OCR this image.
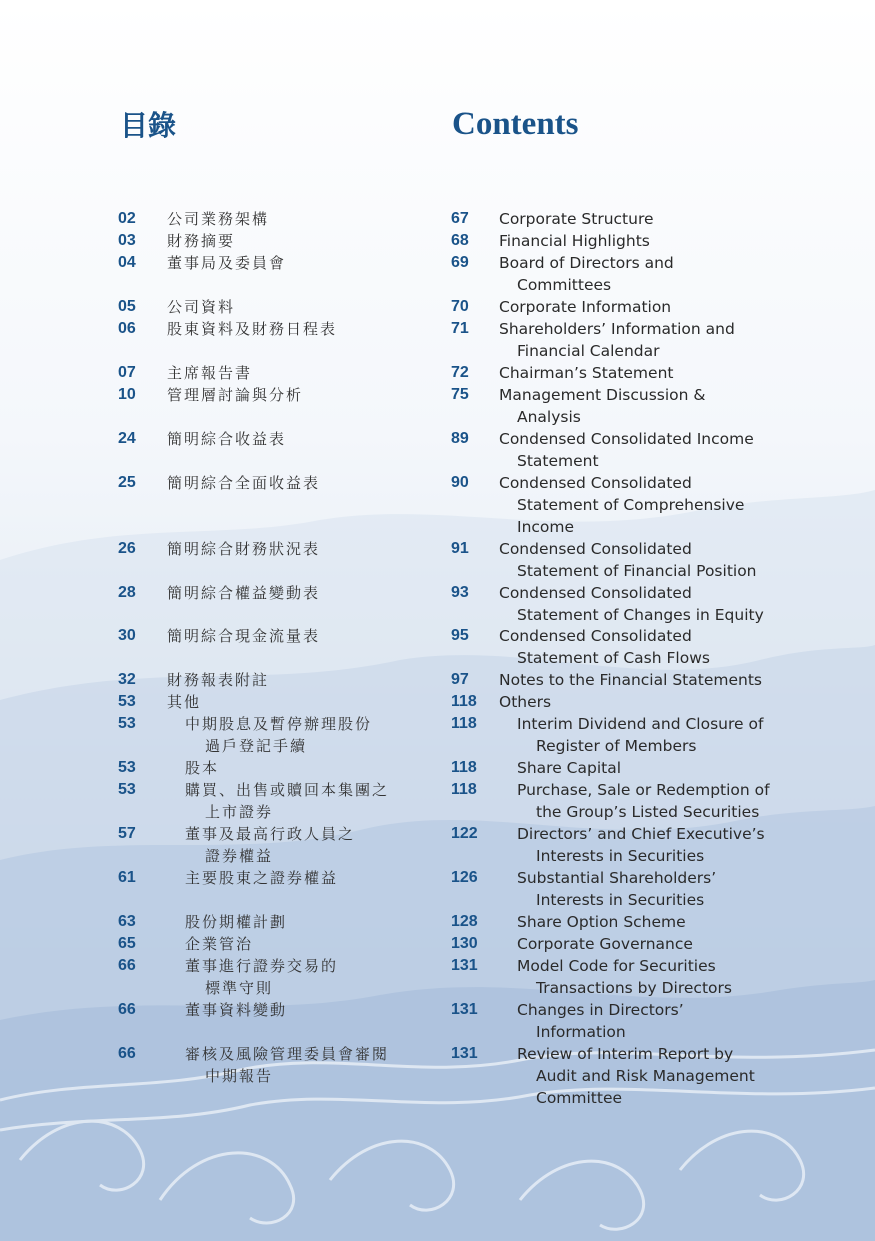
目錄	Contents
02 公司業務架構
03 財務摘要
04 董事局及委員會
05 公司資料
06 股東資料及財務日程表
07 主席報告書
10 管理層討論與分析
24 簡明綜合收益表
25 簡明綜合全面收益表
26 簡明綜合財務狀況表
28 簡明綜合權益變動表
30 簡明綜合現金流量表
32 財務報表附註
53 其他
53	中期股息及暫停辦理股份
過戶登記手續
53	股本
53	購買、出售或贖回本集團之
上市證券
57	董事及最高行政人員之
證券權益
61	主要股東之證券權益
63	股份期權計劃
65	企業管治
66	董事進行證券交易的
標準守則
66	董事資料變動
66	審核及風險管理委員會審閱
中期報告
67 Corporate Structure
68 Financial Highlights
69 Board of Directors and
Committees
70 Corporate Information
71 Shareholders’ Information and
Financial Calendar
72 Chairman’s Statement
75 Management Discussion &
Analysis
89 Condensed Consolidated Income
Statement
90 Condensed Consolidated
Statement of Comprehensive
Income
91 Condensed Consolidated
Statement of Financial Position
93 Condensed Consolidated
Statement of Changes in Equity
95 Condensed Consolidated
Statement of Cash Flows
97 Notes to the Financial Statements
118 Others
118	Interim Dividend and Closure of
Register of Members
118	Share Capital
118	Purchase, Sale or Redemption of
the Group’s Listed Securities
122	Directors’ and Chief Executive’s
Interests in Securities
126	Substantial Shareholders’
Interests in Securities
128	Share Option Scheme
130	Corporate Governance
131	Model Code for Securities
Transactions by Directors
131	Changes in Directors’
Information
131	Review of Interim Report by
Audit and Risk Management
Committee
